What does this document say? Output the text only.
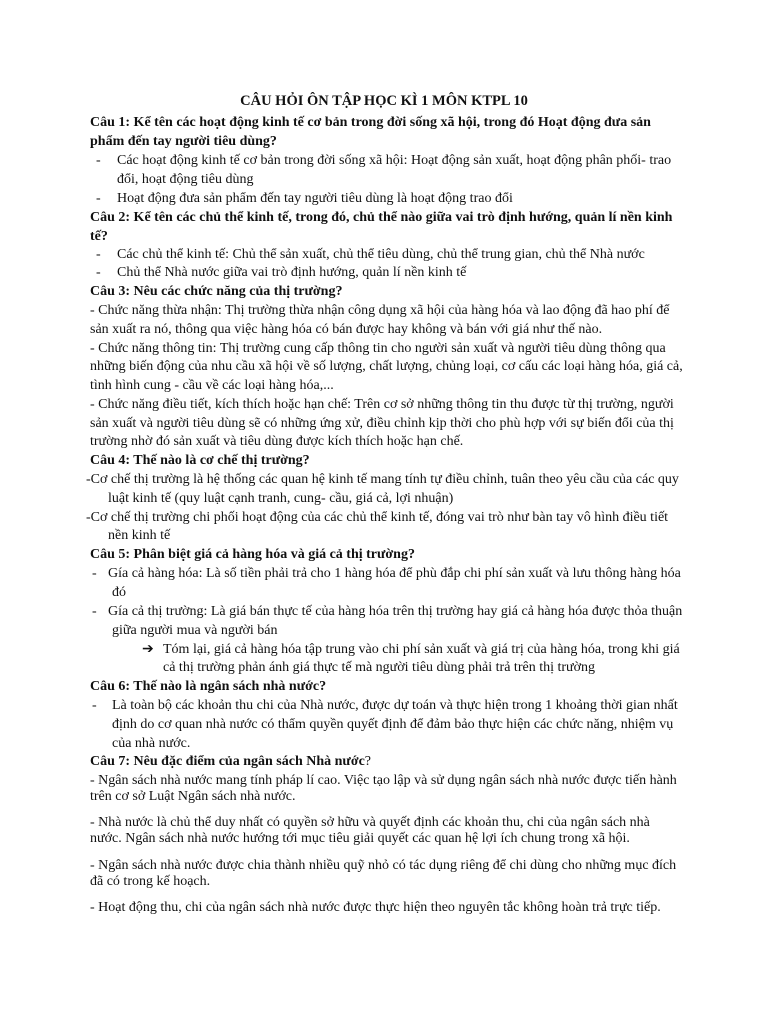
CÂU HỎI ÔN TẬP HỌC KÌ 1 MÔN KTPL 10
Câu 1: Kể tên các hoạt động kinh tế cơ bản trong đời sống xã hội, trong đó Hoạt động đưa sản
phẩm đến tay người tiêu dùng?
- Các hoạt động kinh tế cơ bản trong đời sống xã hội: Hoạt động sản xuất, hoạt động phân phối- trao
đổi, hoạt động tiêu dùng
- Hoạt động đưa sản phẩm đến tay người tiêu dùng là hoạt động trao đổi
Câu 2: Kể tên các chủ thể kinh tế, trong đó, chủ thể nào giữa vai trò định hướng, quản lí nền kinh
tế?
- Các chủ thể kinh tế: Chủ thể sản xuất, chủ thể tiêu dùng, chủ thể trung gian, chủ thể Nhà nước
- Chủ thể Nhà nước giữa vai trò định hướng, quản lí nền kinh tế
Câu 3: Nêu các chức năng của thị trường?
- Chức năng thừa nhận: Thị trường thừa nhận công dụng xã hội của hàng hóa và lao động đã hao phí để
sản xuất ra nó, thông qua việc hàng hóa có bán được hay không và bán với giá như thế nào.
- Chức năng thông tin: Thị trường cung cấp thông tin cho người sản xuất và người tiêu dùng thông qua
những biến động của nhu cầu xã hội về số lượng, chất lượng, chủng loại, cơ cấu các loại hàng hóa, giá cả,
tình hình cung - cầu về các loại hàng hóa,...
- Chức năng điều tiết, kích thích hoặc hạn chế: Trên cơ sở những thông tin thu được từ thị trường, người
sản xuất và người tiêu dùng sẽ có những ứng xử, điều chỉnh kịp thời cho phù hợp với sự biến đổi của thị
trường nhờ đó sản xuất và tiêu dùng được kích thích hoặc hạn chế.
Câu 4: Thế nào là cơ chế thị trường?
-Cơ chế thị trường là hệ thống các quan hệ kinh tế mang tính tự điều chỉnh, tuân theo yêu cầu của các quy
luật kinh tế (quy luật cạnh tranh, cung- cầu, giá cả, lợi nhuận)
-Cơ chế thị trường chi phối hoạt động của các chủ thể kinh tế, đóng vai trò như bàn tay vô hình điều tiết
nền kinh tế
Câu 5: Phân biệt giá cả hàng hóa và giá cả thị trường?
- Gía cả hàng hóa: Là số tiền phải trả cho 1 hàng hóa để phù đắp chi phí sản xuất và lưu thông hàng hóa
đó
- Gía cả thị trường: Là giá bán thực tế của hàng hóa trên thị trường hay giá cả hàng hóa được thỏa thuận
giữa người mua và người bán
➔ Tóm lại, giá cả hàng hóa tập trung vào chi phí sản xuất và giá trị của hàng hóa, trong khi giá
cả thị trường phản ánh giá thực tế mà người tiêu dùng phải trả trên thị trường
Câu 6: Thế nào là ngân sách nhà nước?
- Là toàn bộ các khoản thu chi của Nhà nước, được dự toán và thực hiện trong 1 khoảng thời gian nhất
định do cơ quan nhà nước có thẩm quyền quyết định để đảm bảo thực hiện các chức năng, nhiệm vụ
của nhà nước.
Câu 7: Nêu đặc điểm của ngân sách Nhà nước?
- Ngân sách nhà nước mang tính pháp lí cao. Việc tạo lập và sử dụng ngân sách nhà nước được tiến hành
trên cơ sở Luật Ngân sách nhà nước.
- Nhà nước là chủ thể duy nhất có quyền sở hữu và quyết định các khoản thu, chi của ngân sách nhà
nước. Ngân sách nhà nước hướng tới mục tiêu giải quyết các quan hệ lợi ích chung trong xã hội.
- Ngân sách nhà nước được chia thành nhiều quỹ nhỏ có tác dụng riêng để chi dùng cho những mục đích
đã có trong kế hoạch.
- Hoạt động thu, chi của ngân sách nhà nước được thực hiện theo nguyên tắc không hoàn trả trực tiếp.
